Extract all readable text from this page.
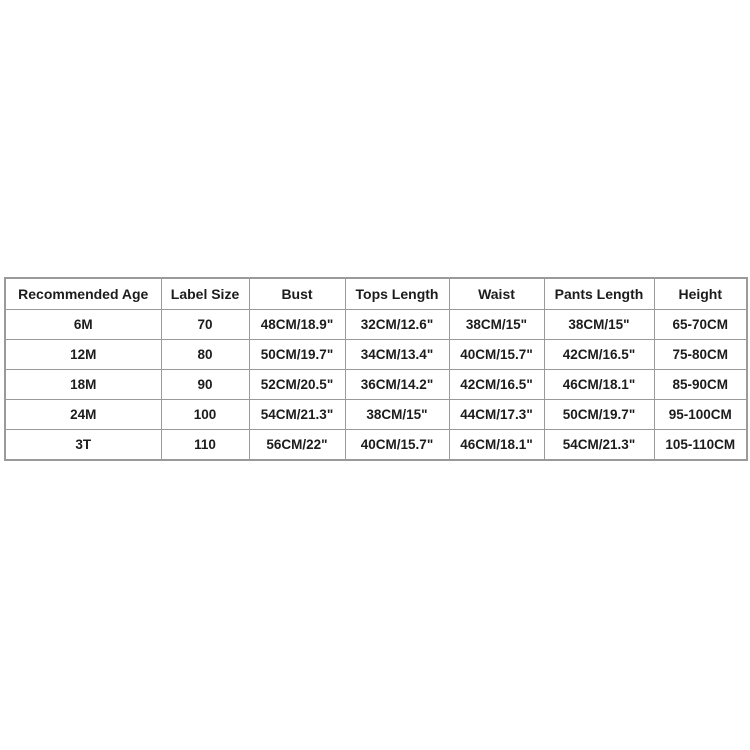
Recommended Age	Label Size	Bust	Tops Length	Waist	Pants Length	Height
6M	70	48CM/18.9"	32CM/12.6"	38CM/15"	38CM/15"	65-70CM
12M	80	50CM/19.7"	34CM/13.4"	40CM/15.7"	42CM/16.5"	75-80CM
18M	90	52CM/20.5"	36CM/14.2"	42CM/16.5"	46CM/18.1"	85-90CM
24M	100	54CM/21.3"	38CM/15"	44CM/17.3"	50CM/19.7"	95-100CM
3T	110	56CM/22"	40CM/15.7"	46CM/18.1"	54CM/21.3"	105-110CM
